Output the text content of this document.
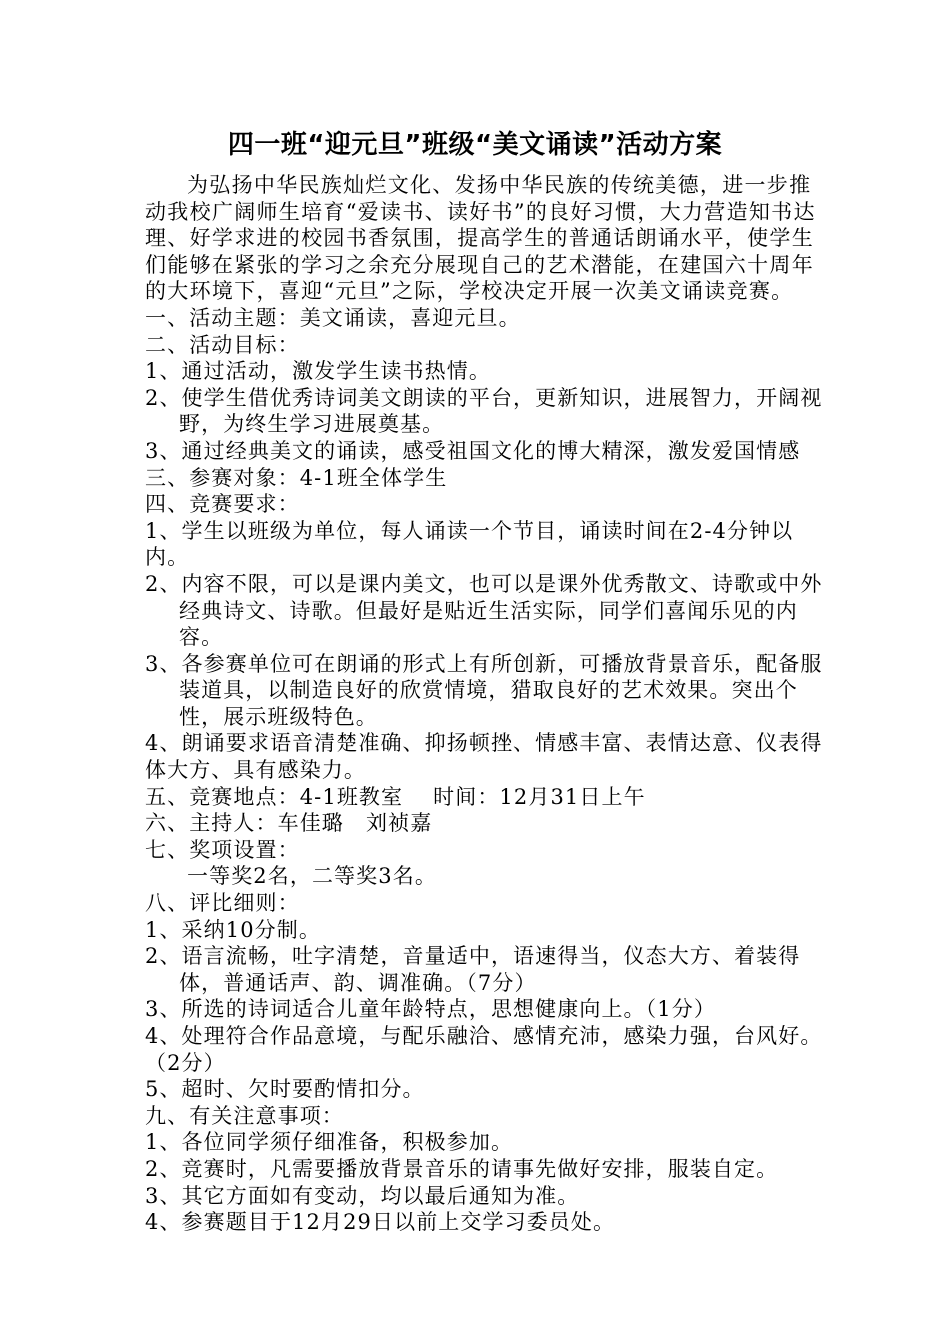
四一班“迎元旦”班级“美文诵读”活动方案

为弘扬中华民族灿烂文化、发扬中华民族的传统美德，进一步推动我校广阔师生培育“爱读书、读好书”的良好习惯，大力营造知书达理、好学求进的校园书香氛围，提高学生的普通话朗诵水平，使学生们能够在紧张的学习之余充分展现自己的艺术潜能，在建国六十周年的大环境下，喜迎“元旦”之际，学校决定开展一次美文诵读竞赛。

一、活动主题：美文诵读，喜迎元旦。

二、活动目标：

1、通过活动，激发学生读书热情。

2、使学生借优秀诗词美文朗读的平台，更新知识，进展智力，开阔视野，为终生学习进展奠基。

3、通过经典美文的诵读，感受祖国文化的博大精深，激发爱国情感

三、参赛对象：4-1班全体学生

四、竞赛要求：

1、学生以班级为单位，每人诵读一个节目，诵读时间在2-4分钟以内。

2、内容不限，可以是课内美文，也可以是课外优秀散文、诗歌或中外经典诗文、诗歌。但最好是贴近生活实际，同学们喜闻乐见的内容。

3、各参赛单位可在朗诵的形式上有所创新，可播放背景音乐，配备服装道具，以制造良好的欣赏情境，猎取良好的艺术效果。突出个性，展示班级特色。

4、朗诵要求语音清楚准确、抑扬顿挫、情感丰富、表情达意、仪表得体大方、具有感染力。

五、竞赛地点：4-1班教室 时间：12月31日上午

六、主持人：车佳璐　刘祯嘉

七、奖项设置：

一等奖2名，二等奖3名。

八、评比细则：

1、采纳10分制。

2、语言流畅，吐字清楚，音量适中，语速得当，仪态大方、着装得体，普通话声、韵、调准确。（7分）

3、所选的诗词适合儿童年龄特点，思想健康向上。（1分）

4、处理符合作品意境，与配乐融洽、感情充沛，感染力强，台风好。（2分）

5、超时、欠时要酌情扣分。

九、有关注意事项：

1、各位同学须仔细准备，积极参加。

2、竞赛时，凡需要播放背景音乐的请事先做好安排，服装自定。

3、其它方面如有变动，均以最后通知为准。

4、参赛题目于12月29日以前上交学习委员处。
